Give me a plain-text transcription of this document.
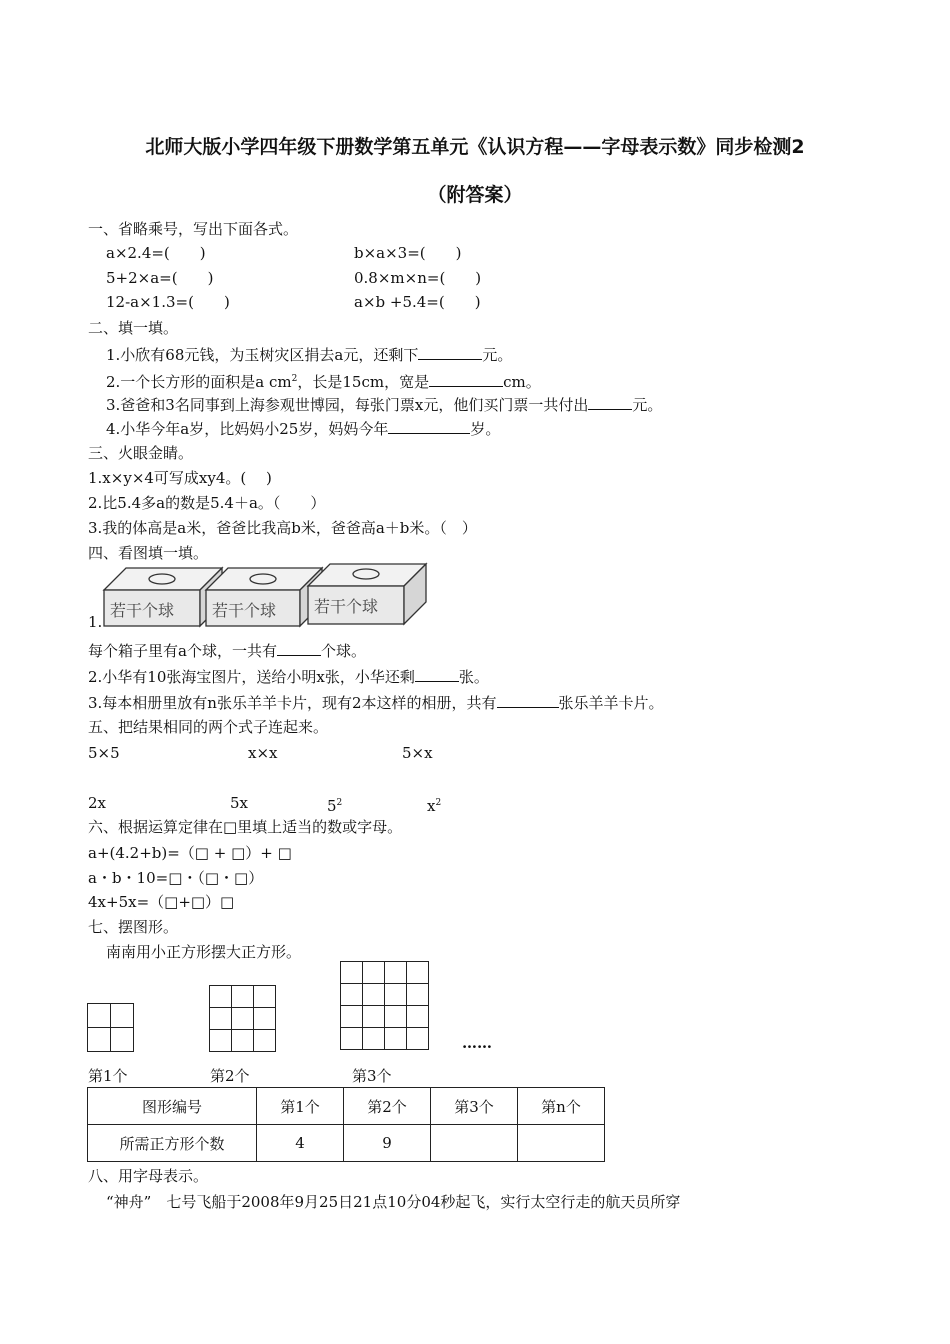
北师大版小学四年级下册数学第五单元《认识方程——字母表示数》同步检测2
（附答案）
一、省略乘号，写出下面各式。
a×2.4=(　　)	b×a×3=(　　)
5+2×a=(　　)	0.8×m×n=(　　)
12-a×1.3=(　　)	a×b +5.4=(　　)
二、填一填。
1.小欣有68元钱，为玉树灾区捐去a元，还剩下	元。
2.一个长方形的面积是a $cm^2$，长是15cm，宽是	cm。
3.爸爸和3名同事到上海参观世博园，每张门票x元，他们买门票一共付出	元。
4.小华今年a岁，比妈妈小25岁，妈妈今年	岁。
三、火眼金睛。
1.x×y×4可写成xy4。(　 )
2.比5.4多a的数是5.4＋a。（　　）
3.我的体高是a米，爸爸比我高b米，爸爸高a＋b米。（　）
四、看图填一填。
若干个球 若干个球 若干个球
1.
每个箱子里有a个球，一共有	个球。
2.小华有10张海宝图片，送给小明x张，小华还剩	张。
3.每本相册里放有n张乐羊羊卡片，现有2本这样的相册，共有	张乐羊羊卡片。
五、把结果相同的两个式子连起来。
5×5	x×x	5×x
2x	5x	$5^2$	$x^2$
六、根据运算定律在□里填上适当的数或字母。
a+(4.2+b)=（□ + □）+ □
a・b・10=□・（□・□）
4x+5x=（□+□）□
七、摆图形。
南南用小正方形摆大正方形。

……
第1个	第2个	第3个
图形编号	第1个	第2个	第3个	第n个
所需正方形个数	4	9		
八、用字母表示。
“神舟”　七号飞船于2008年9月25日21点10分04秒起飞，实行太空行走的航天员所穿
